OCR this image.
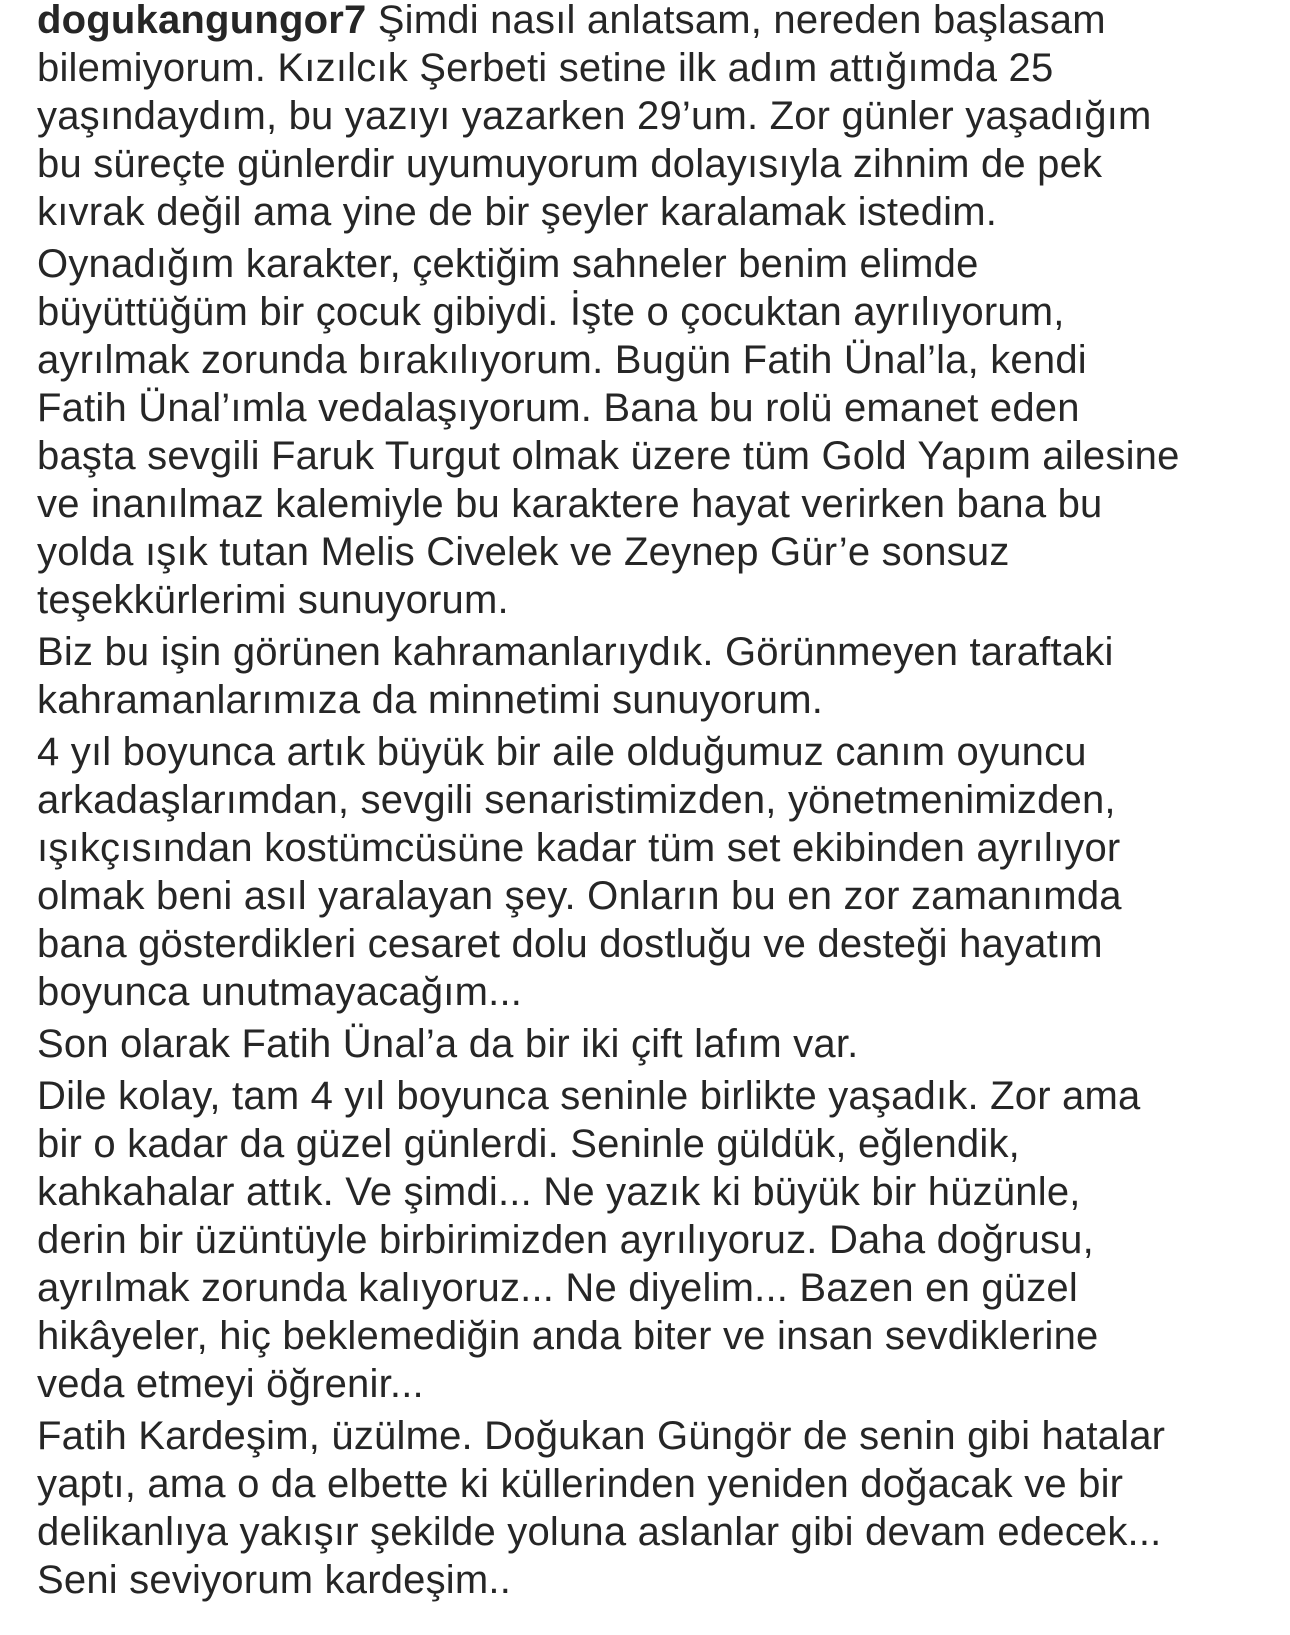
dogukangungor7 Şimdi nasıl anlatsam, nereden başlasam
bilemiyorum. Kızılcık Şerbeti setine ilk adım attığımda 25
yaşındaydım, bu yazıyı yazarken 29’um. Zor günler yaşadığım
bu süreçte günlerdir uyumuyorum dolayısıyla zihnim de pek
kıvrak değil ama yine de bir şeyler karalamak istedim.
Oynadığım karakter, çektiğim sahneler benim elimde
büyüttüğüm bir çocuk gibiydi. İşte o çocuktan ayrılıyorum,
ayrılmak zorunda bırakılıyorum. Bugün Fatih Ünal’la, kendi
Fatih Ünal’ımla vedalaşıyorum. Bana bu rolü emanet eden
başta sevgili Faruk Turgut olmak üzere tüm Gold Yapım ailesine
ve inanılmaz kalemiyle bu karaktere hayat verirken bana bu
yolda ışık tutan Melis Civelek ve Zeynep Gür’e sonsuz
teşekkürlerimi sunuyorum.
Biz bu işin görünen kahramanlarıydık. Görünmeyen taraftaki
kahramanlarımıza da minnetimi sunuyorum.
4 yıl boyunca artık büyük bir aile olduğumuz canım oyuncu
arkadaşlarımdan, sevgili senaristimizden, yönetmenimizden,
ışıkçısından kostümcüsüne kadar tüm set ekibinden ayrılıyor
olmak beni asıl yaralayan şey. Onların bu en zor zamanımda
bana gösterdikleri cesaret dolu dostluğu ve desteği hayatım
boyunca unutmayacağım...
Son olarak Fatih Ünal’a da bir iki çift lafım var.
Dile kolay, tam 4 yıl boyunca seninle birlikte yaşadık. Zor ama
bir o kadar da güzel günlerdi. Seninle güldük, eğlendik,
kahkahalar attık. Ve şimdi... Ne yazık ki büyük bir hüzünle,
derin bir üzüntüyle birbirimizden ayrılıyoruz. Daha doğrusu,
ayrılmak zorunda kalıyoruz... Ne diyelim... Bazen en güzel
hikâyeler, hiç beklemediğin anda biter ve insan sevdiklerine
veda etmeyi öğrenir...
Fatih Kardeşim, üzülme. Doğukan Güngör de senin gibi hatalar
yaptı, ama o da elbette ki küllerinden yeniden doğacak ve bir
delikanlıya yakışır şekilde yoluna aslanlar gibi devam edecek...
Seni seviyorum kardeşim..
